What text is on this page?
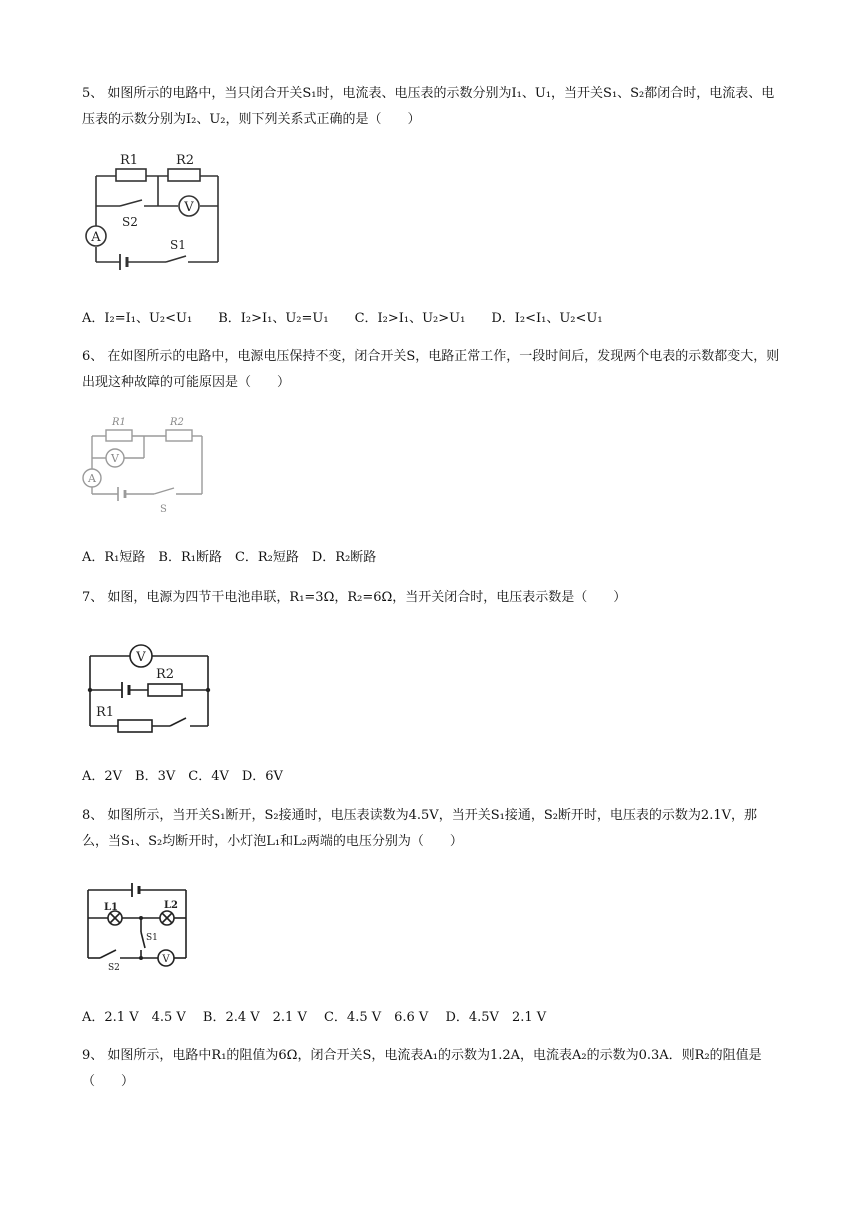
5、 如图所示的电路中，当只闭合开关S₁时，电流表、电压表的示数分别为I₁、U₁，当开关S₁、S₂都闭合时，电流表、电压表的示数分别为I₂、U₂，则下列关系式正确的是（　　）

V
A
R1	R2
S2
S1
A．I₂=I₁、U₂<U₁　　B．I₂>I₁、U₂=U₁　　C．I₂>I₁、U₂>U₁　　D．I₂<I₁、U₂<U₁

6、 在如图所示的电路中，电源电压保持不变，闭合开关S，电路正常工作，一段时间后，发现两个电表的示数都变大，则出现这种故障的可能原因是（　　）

V
A
R1	R2
S
A．R₁短路　B．R₁断路　C．R₂短路　D．R₂断路

7、 如图，电源为四节干电池串联，R₁=3Ω，R₂=6Ω，当开关闭合时，电压表示数是（　　）

V
R2
R1
A．2V　B．3V　C．4V　D．6V

8、 如图所示，当开关S₁断开，S₂接通时，电压表读数为4.5V，当开关S₁接通，S₂断开时，电压表的示数为2.1V，那么，当S₁、S₂均断开时，小灯泡L₁和L₂两端的电压分别为（　　）

V
L1	L2
S1
S2
A．2.1 V　4.5 V　 B．2.4 V　2.1 V　 C．4.5 V　6.6 V　 D．4.5V　2.1 V

9、 如图所示，电路中R₁的阻值为6Ω，闭合开关S，电流表A₁的示数为1.2A，电流表A₂的示数为0.3A．则R₂的阻值是（　　）
